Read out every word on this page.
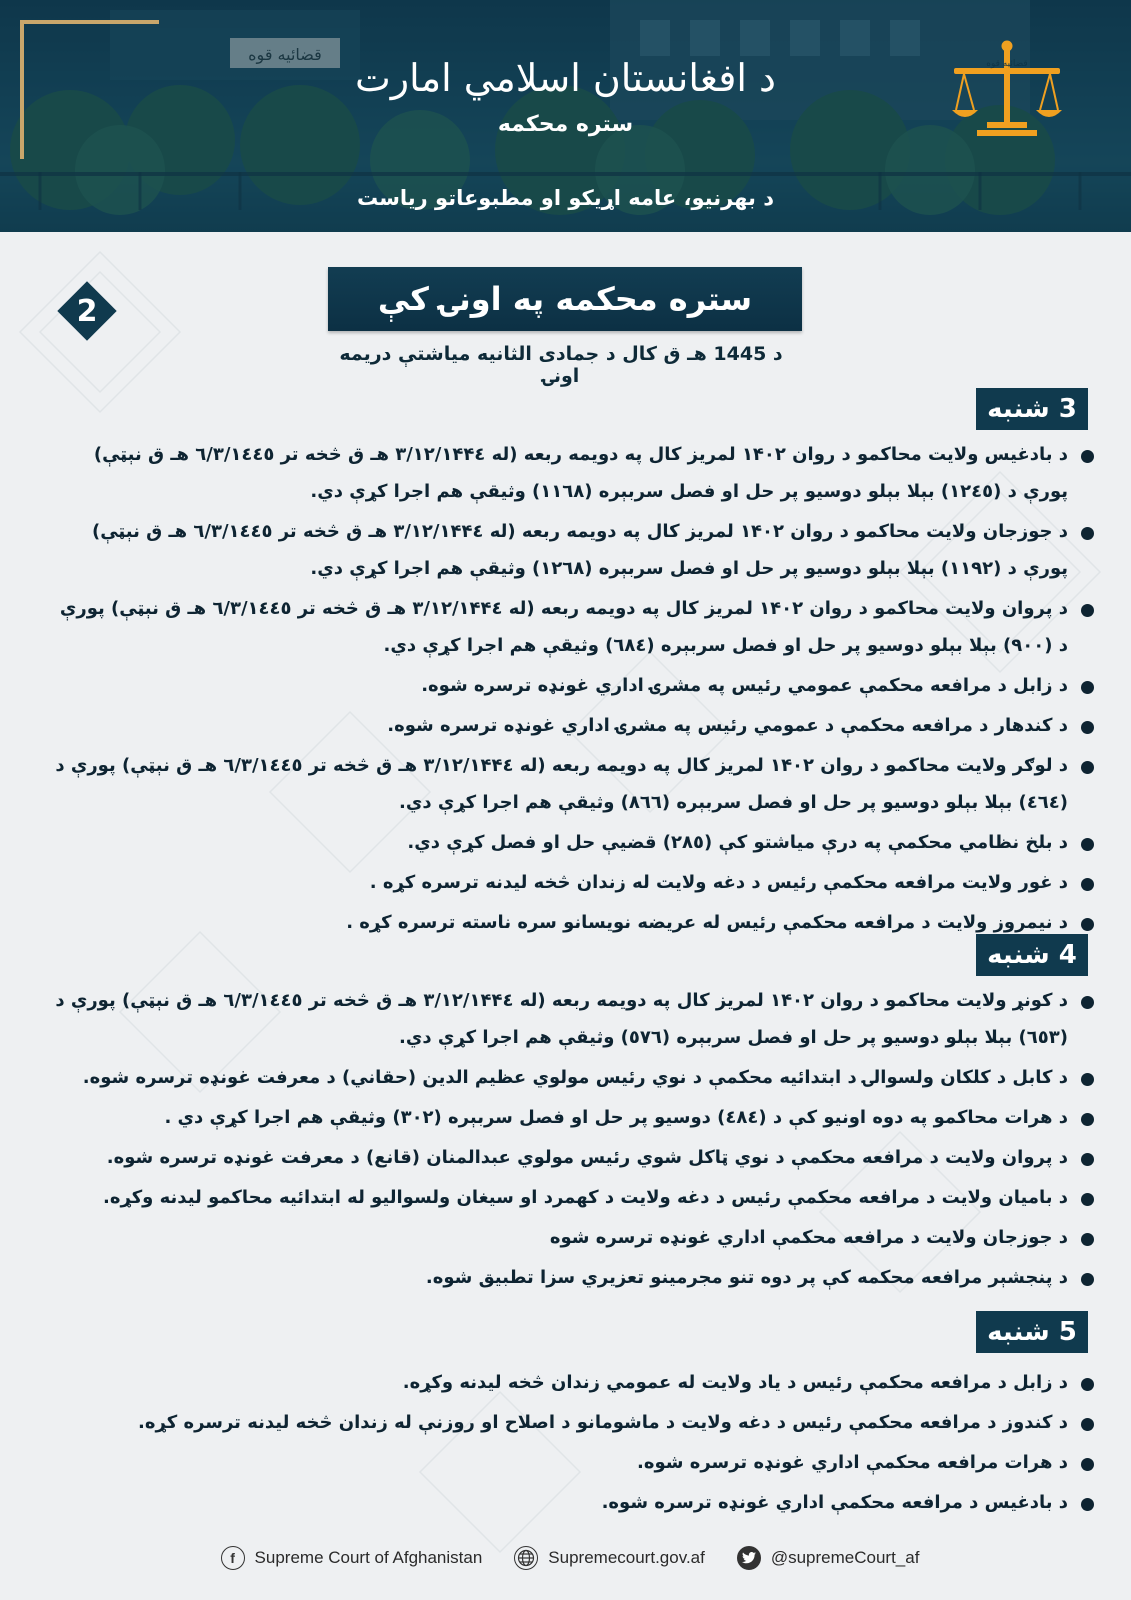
د افغانستان اسلامي امارت
ستره محکمه
د بهرنيو، عامه اړيکو او مطبوعاتو رياست
قضائيه قوه
ستره محکمه په اونۍ کې
2
د 1445 هـ ق کال د جمادی الثانيه مياشتې دريمه اونۍ
3 شنبه
د بادغيس ولايت محاکمو د روان ۱۴۰۲ لمريز کال په دويمه ربعه (له ۳/۱۲/۱۴۴٤ هـ ق څخه تر ٦/۳/۱٤٤٥ هـ ق نېټې) پورې د (۱۲٤٥) بېلا بېلو دوسيو پر حل او فصل سربېره (۱۱٦۸) وثيقې هم اجرا کړې دي.
د جوزجان ولايت محاکمو د روان ۱۴۰۲ لمريز کال په دويمه ربعه (له ۳/۱۲/۱۴۴٤ هـ ق څخه تر ٦/۳/۱٤٤٥ هـ ق نېټې) پورې د (۱۱۹۲) بېلا بېلو دوسيو پر حل او فصل سربېره (۱۲٦۸) وثيقې هم اجرا کړې دي.
د پروان ولايت محاکمو د روان ۱۴۰۲ لمريز کال په دويمه ربعه (له ۳/۱۲/۱۴۴٤ هـ ق څخه تر ٦/۳/۱٤٤٥ هـ ق نېټې) پورې د (۹۰۰) بېلا بېلو دوسيو پر حل او فصل سربېره (٦۸٤) وثيقې هم اجرا کړې دي.
د زابل د مرافعه محکمې عمومي رئيس په مشرۍ اداري غونډه ترسره شوه.
د کندهار د مرافعه محکمې د عمومي رئيس په مشرۍ اداري غونډه ترسره شوه.
د لوګر ولايت محاکمو د روان ۱۴۰۲ لمريز کال په دويمه ربعه (له ۳/۱۲/۱۴۴٤ هـ ق څخه تر ٦/۳/۱٤٤٥ هـ ق نېټې) پورې د (٤٦٤) بېلا بېلو دوسيو پر حل او فصل سربېره (۸٦٦) وثيقې هم اجرا کړې دي.
د بلخ نظامي محکمې په درې مياشتو کې (۲۸٥) قضيې حل او فصل کړې دي.
د غور ولايت مرافعه محکمې رئيس د دغه ولايت له زندان څخه ليدنه ترسره کړه .
د نيمروز ولايت د مرافعه محکمې رئيس له عريضه نويسانو سره ناسته ترسره کړه .
4 شنبه
د کونړ ولايت محاکمو د روان ۱۴۰۲ لمريز کال په دويمه ربعه (له ۳/۱۲/۱۴۴٤ هـ ق څخه تر ٦/۳/۱٤٤٥ هـ ق نېټې) پورې د (٦٥۳) بېلا بېلو دوسيو پر حل او فصل سربېره (٥۷٦) وثيقې هم اجرا کړې دي.
د کابل د کلکان ولسوالۍ د ابتدائيه محکمې د نوي رئيس مولوي عظيم الدين (حقاني) د معرفت غونډه ترسره شوه.
د هرات محاکمو په دوه اونيو کې د (٤۸٤) دوسيو پر حل او فصل سربېره (۳۰۲) وثيقې هم اجرا کړې دي .
د پروان ولايت د مرافعه محکمې د نوي ټاکل شوي رئيس مولوي عبدالمنان (قانع) د معرفت غونډه ترسره شوه.
د باميان ولايت د مرافعه محکمې رئيس د دغه ولايت د کهمرد او سيغان ولسواليو له ابتدائيه محاکمو ليدنه وکړه.
د جوزجان ولايت د مرافعه محکمې اداري غونډه ترسره شوه
د پنجشېر مرافعه محکمه کې پر دوه تنو مجرمينو تعزيري سزا تطبيق شوه.
5 شنبه
د زابل د مرافعه محکمې رئيس د ياد ولايت له عمومي زندان څخه ليدنه وکړه.
د کندوز د مرافعه محکمې رئيس د دغه ولايت د ماشومانو د اصلاح او روزنې له زندان څخه ليدنه ترسره کړه.
د هرات مرافعه محکمې اداري غونډه ترسره شوه.
د بادغيس د مرافعه محکمې اداري غونډه ترسره شوه.
f	Supreme Court of Afghanistan	Supremecourt.gov.af	@supremeCourt_af
